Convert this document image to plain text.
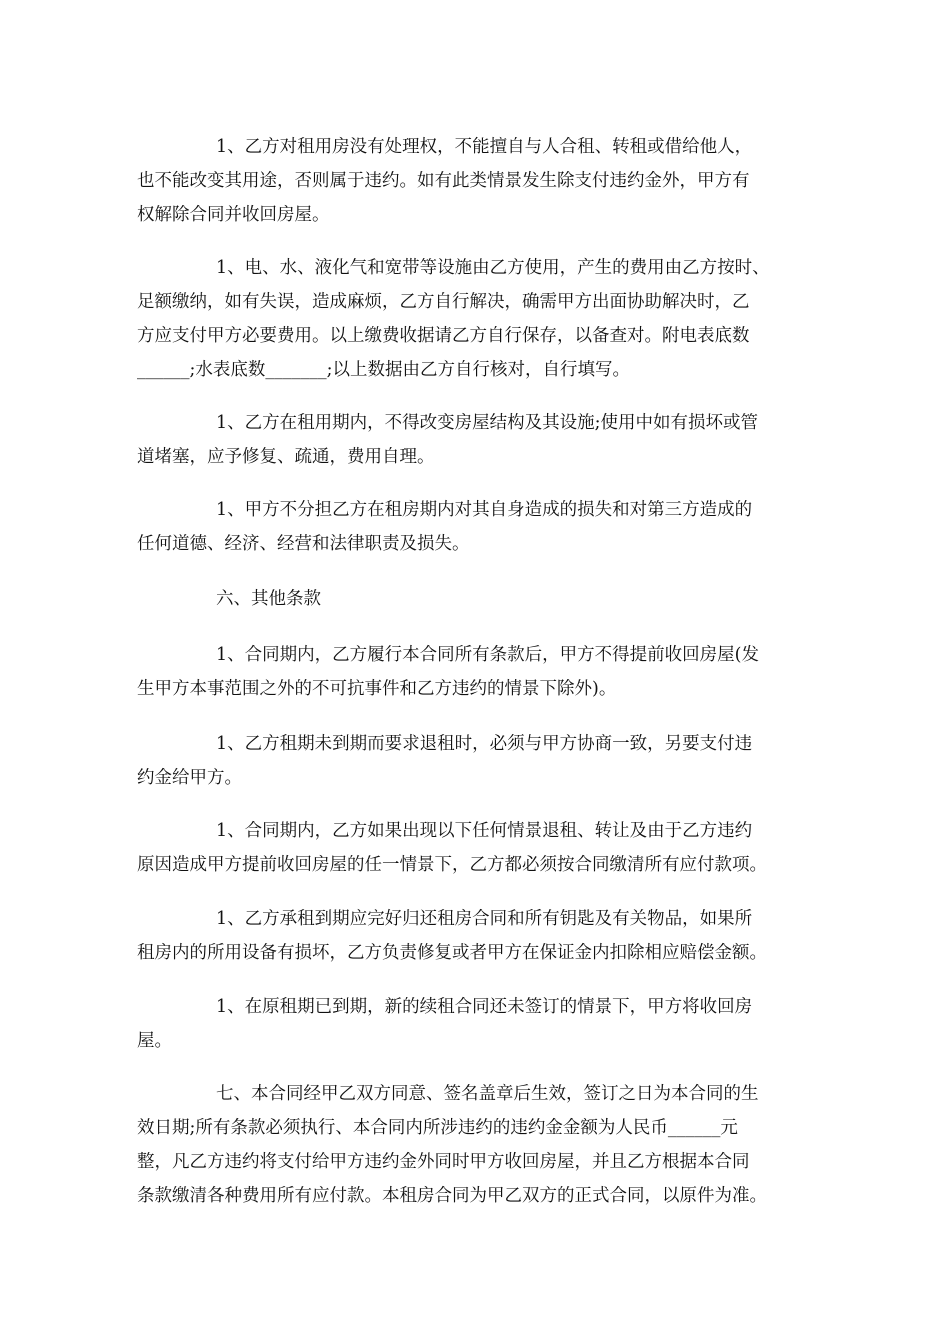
1、乙方对租用房没有处理权，不能擅自与人合租、转租或借给他人，
也不能改变其用途，否则属于违约。如有此类情景发生除支付违约金外，甲方有
权解除合同并收回房屋。
1、电、水、液化气和宽带等设施由乙方使用，产生的费用由乙方按时、
足额缴纳，如有失误，造成麻烦，乙方自行解决，确需甲方出面协助解决时，乙
方应支付甲方必要费用。以上缴费收据请乙方自行保存，以备查对。附电表底数
______;水表底数_______;以上数据由乙方自行核对，自行填写。
1、乙方在租用期内，不得改变房屋结构及其设施;使用中如有损坏或管
道堵塞，应予修复、疏通，费用自理。
1、甲方不分担乙方在租房期内对其自身造成的损失和对第三方造成的
任何道德、经济、经营和法律职责及损失。
六、其他条款
1、合同期内，乙方履行本合同所有条款后，甲方不得提前收回房屋(发
生甲方本事范围之外的不可抗事件和乙方违约的情景下除外)。
1、乙方租期未到期而要求退租时，必须与甲方协商一致，另要支付违
约金给甲方。
1、合同期内，乙方如果出现以下任何情景退租、转让及由于乙方违约
原因造成甲方提前收回房屋的任一情景下，乙方都必须按合同缴清所有应付款项。
1、乙方承租到期应完好归还租房合同和所有钥匙及有关物品，如果所
租房内的所用设备有损坏，乙方负责修复或者甲方在保证金内扣除相应赔偿金额。
1、在原租期已到期，新的续租合同还未签订的情景下，甲方将收回房
屋。
七、本合同经甲乙双方同意、签名盖章后生效，签订之日为本合同的生
效日期;所有条款必须执行、本合同内所涉违约的违约金金额为人民币______元
整，凡乙方违约将支付给甲方违约金外同时甲方收回房屋，并且乙方根据本合同
条款缴清各种费用所有应付款。本租房合同为甲乙双方的正式合同，以原件为准。
